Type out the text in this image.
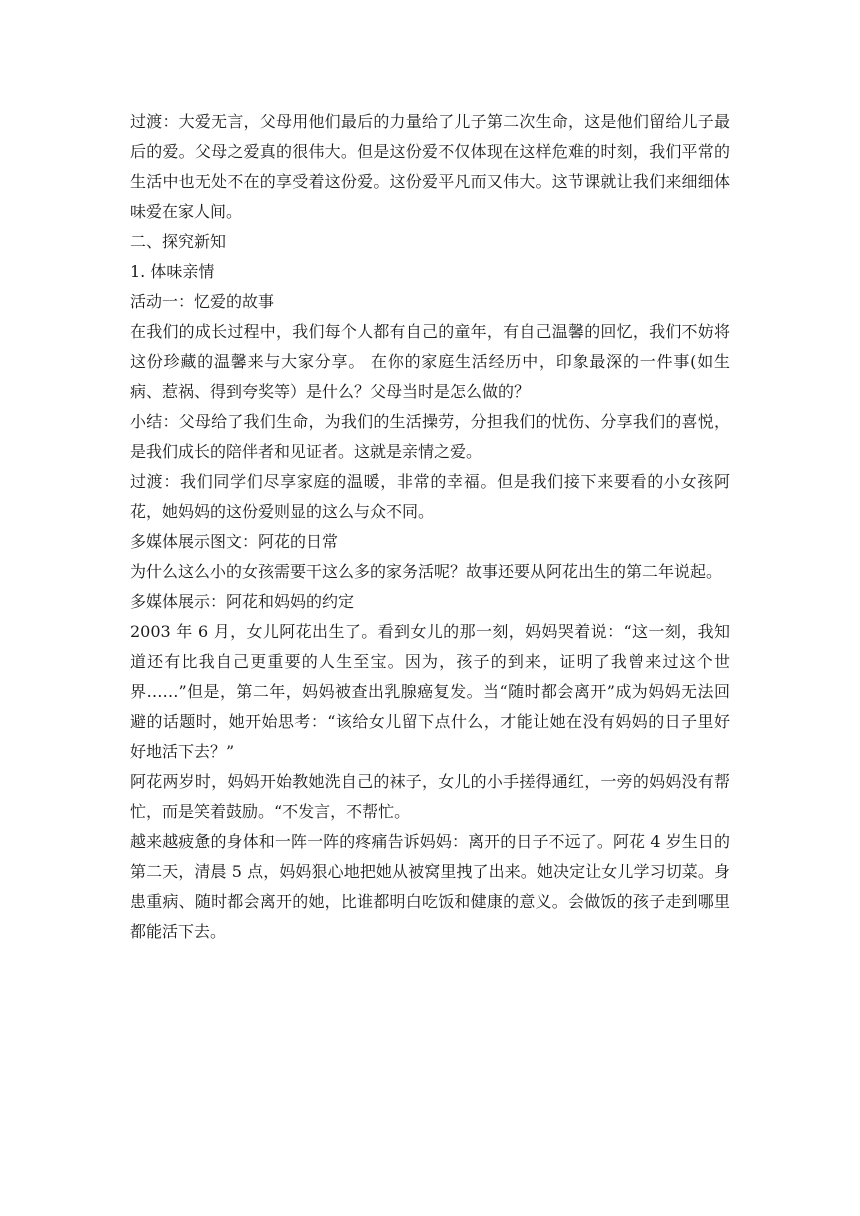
过渡：大爱无言，父母用他们最后的力量给了儿子第二次生命，这是他们留给儿子最后的爱。父母之爱真的很伟大。但是这份爱不仅体现在这样危难的时刻，我们平常的生活中也无处不在的享受着这份爱。这份爱平凡而又伟大。这节课就让我们来细细体味爱在家人间。

二、探究新知

1. 体味亲情

活动一：忆爱的故事

在我们的成长过程中，我们每个人都有自己的童年，有自己温馨的回忆，我们不妨将这份珍藏的温馨来与大家分享。 在你的家庭生活经历中，印象最深的一件事(如生病、惹祸、得到夸奖等）是什么？父母当时是怎么做的？

小结：父母给了我们生命，为我们的生活操劳，分担我们的忧伤、分享我们的喜悦，是我们成长的陪伴者和见证者。这就是亲情之爱。

过渡：我们同学们尽享家庭的温暖，非常的幸福。但是我们接下来要看的小女孩阿花，她妈妈的这份爱则显的这么与众不同。

多媒体展示图文：阿花的日常

为什么这么小的女孩需要干这么多的家务活呢？故事还要从阿花出生的第二年说起。

多媒体展示：阿花和妈妈的约定

2003 年 6 月，女儿阿花出生了。看到女儿的那一刻，妈妈哭着说：“这一刻，我知道还有比我自己更重要的人生至宝。因为，孩子的到来，证明了我曾来过这个世界……”但是，第二年，妈妈被查出乳腺癌复发。当“随时都会离开”成为妈妈无法回避的话题时，她开始思考：“该给女儿留下点什么，才能让她在没有妈妈的日子里好好地活下去？”

阿花两岁时，妈妈开始教她洗自己的袜子，女儿的小手搓得通红，一旁的妈妈没有帮忙，而是笑着鼓励。“不发言，不帮忙。

越来越疲惫的身体和一阵一阵的疼痛告诉妈妈：离开的日子不远了。阿花 4 岁生日的第二天，清晨 5 点，妈妈狠心地把她从被窝里拽了出来。她决定让女儿学习切菜。身患重病、随时都会离开的她，比谁都明白吃饭和健康的意义。会做饭的孩子走到哪里都能活下去。
